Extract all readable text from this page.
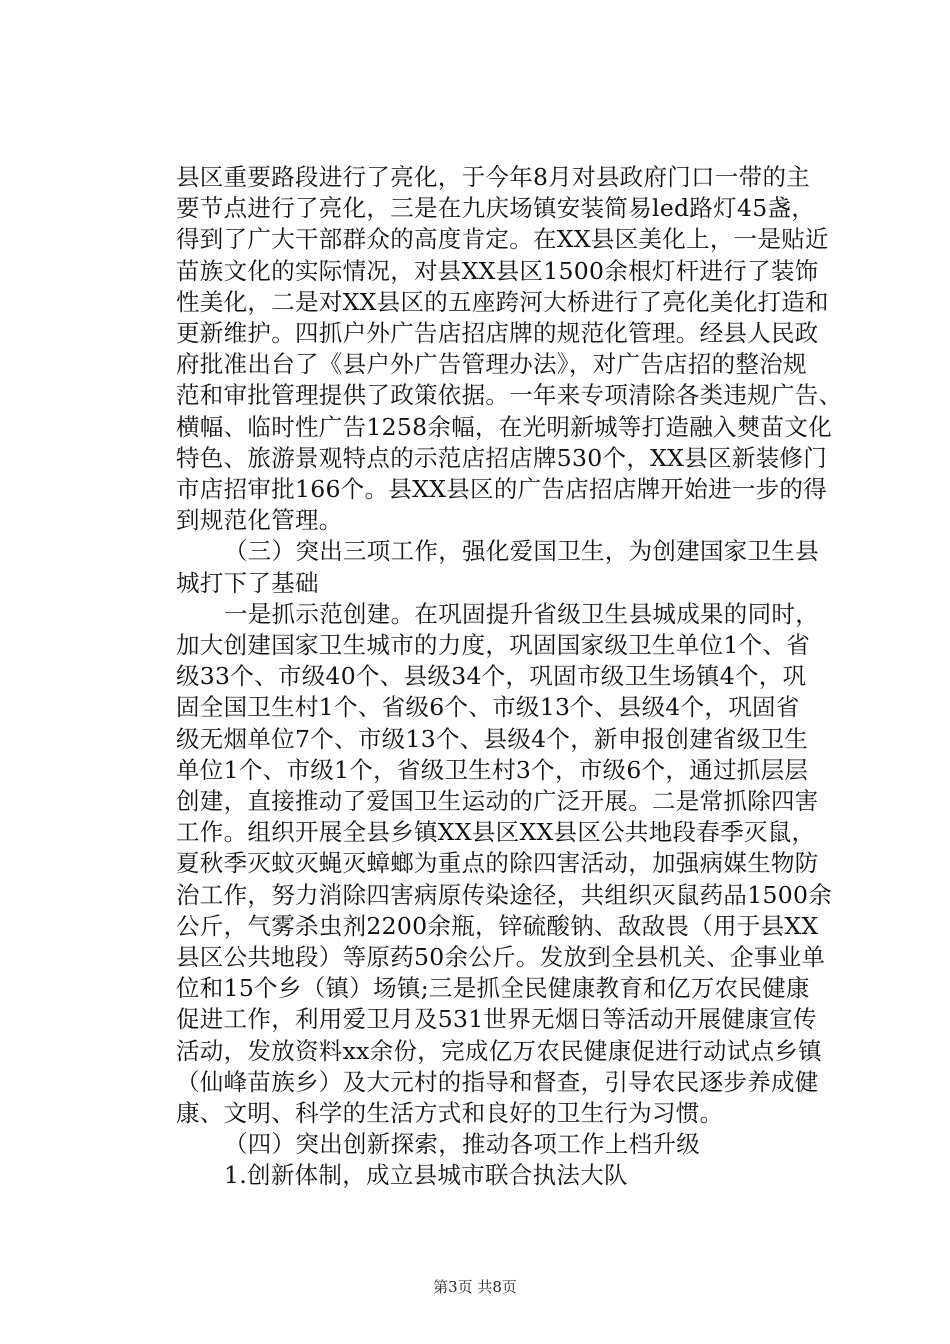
县区重要路段进行了亮化，于今年8月对县政府门口一带的主
要节点进行了亮化，三是在九庆场镇安装简易led路灯45盏，
得到了广大干部群众的高度肯定。在XX县区美化上，一是贴近
苗族文化的实际情况，对县XX县区1500余根灯杆进行了装饰
性美化，二是对XX县区的五座跨河大桥进行了亮化美化打造和
更新维护。四抓户外广告店招店牌的规范化管理。经县人民政
府批准出台了《县户外广告管理办法》，对广告店招的整治规
范和审批管理提供了政策依据。一年来专项清除各类违规广告、
横幅、临时性广告1258余幅，在光明新城等打造融入僰苗文化
特色、旅游景观特点的示范店招店牌530个，XX县区新装修门
市店招审批166个。县XX县区的广告店招店牌开始进一步的得
到规范化管理。
（三）突出三项工作，强化爱国卫生，为创建国家卫生县
城打下了基础
一是抓示范创建。在巩固提升省级卫生县城成果的同时，
加大创建国家卫生城市的力度，巩固国家级卫生单位1个、省
级33个、市级40个、县级34个，巩固市级卫生场镇4个，巩
固全国卫生村1个、省级6个、市级13个、县级4个，巩固省
级无烟单位7个、市级13个、县级4个，新申报创建省级卫生
单位1个、市级1个，省级卫生村3个，市级6个，通过抓层层
创建，直接推动了爱国卫生运动的广泛开展。二是常抓除四害
工作。组织开展全县乡镇XX县区XX县区公共地段春季灭鼠，
夏秋季灭蚊灭蝇灭蟑螂为重点的除四害活动，加强病媒生物防
治工作，努力消除四害病原传染途径，共组织灭鼠药品1500余
公斤，气雾杀虫剂2200余瓶，锌硫酸钠、敌敌畏（用于县XX
县区公共地段）等原药50余公斤。发放到全县机关、企事业单
位和15个乡（镇）场镇;三是抓全民健康教育和亿万农民健康
促进工作，利用爱卫月及531世界无烟日等活动开展健康宣传
活动，发放资料xx余份，完成亿万农民健康促进行动试点乡镇
（仙峰苗族乡）及大元村的指导和督查，引导农民逐步养成健
康、文明、科学的生活方式和良好的卫生行为习惯。
（四）突出创新探索，推动各项工作上档升级
1.创新体制，成立县城市联合执法大队
第3页 共8页
